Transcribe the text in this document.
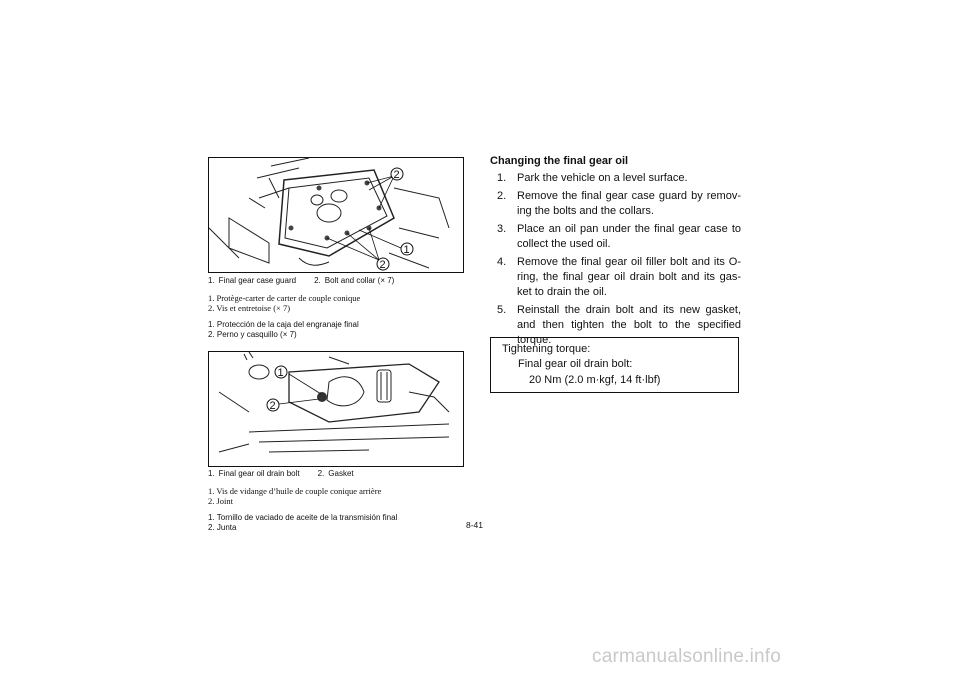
2
1
2
1. Final gear case guard 2. Bolt and collar (× 7)
1. Protège-carter de carter de couple conique
2. Vis et entretoise (× 7)
1. Protección de la caja del engranaje final
2. Perno y casquillo (× 7)
1
2
1. Final gear oil drain bolt 2. Gasket
1. Vis de vidange d’huile de couple conique arrière
2. Joint
1. Tornillo de vaciado de aceite de la transmisión final
2. Junta	8-41
Changing the final gear oil
1. Park the vehicle on a level surface.
2. Remove the final gear case guard by remov-ing the bolts and the collars.
3. Place an oil pan under the final gear case to collect the used oil.
4. Remove the final gear oil filler bolt and its O-ring, the final gear oil drain bolt and its gas-ket to drain the oil.
5. Reinstall the drain bolt and its new gasket, and then tighten the bolt to the specified torque.
Tightening torque:
Final gear oil drain bolt:
20 Nm (2.0 m·kgf, 14 ft·lbf)
carmanualsonline.info
